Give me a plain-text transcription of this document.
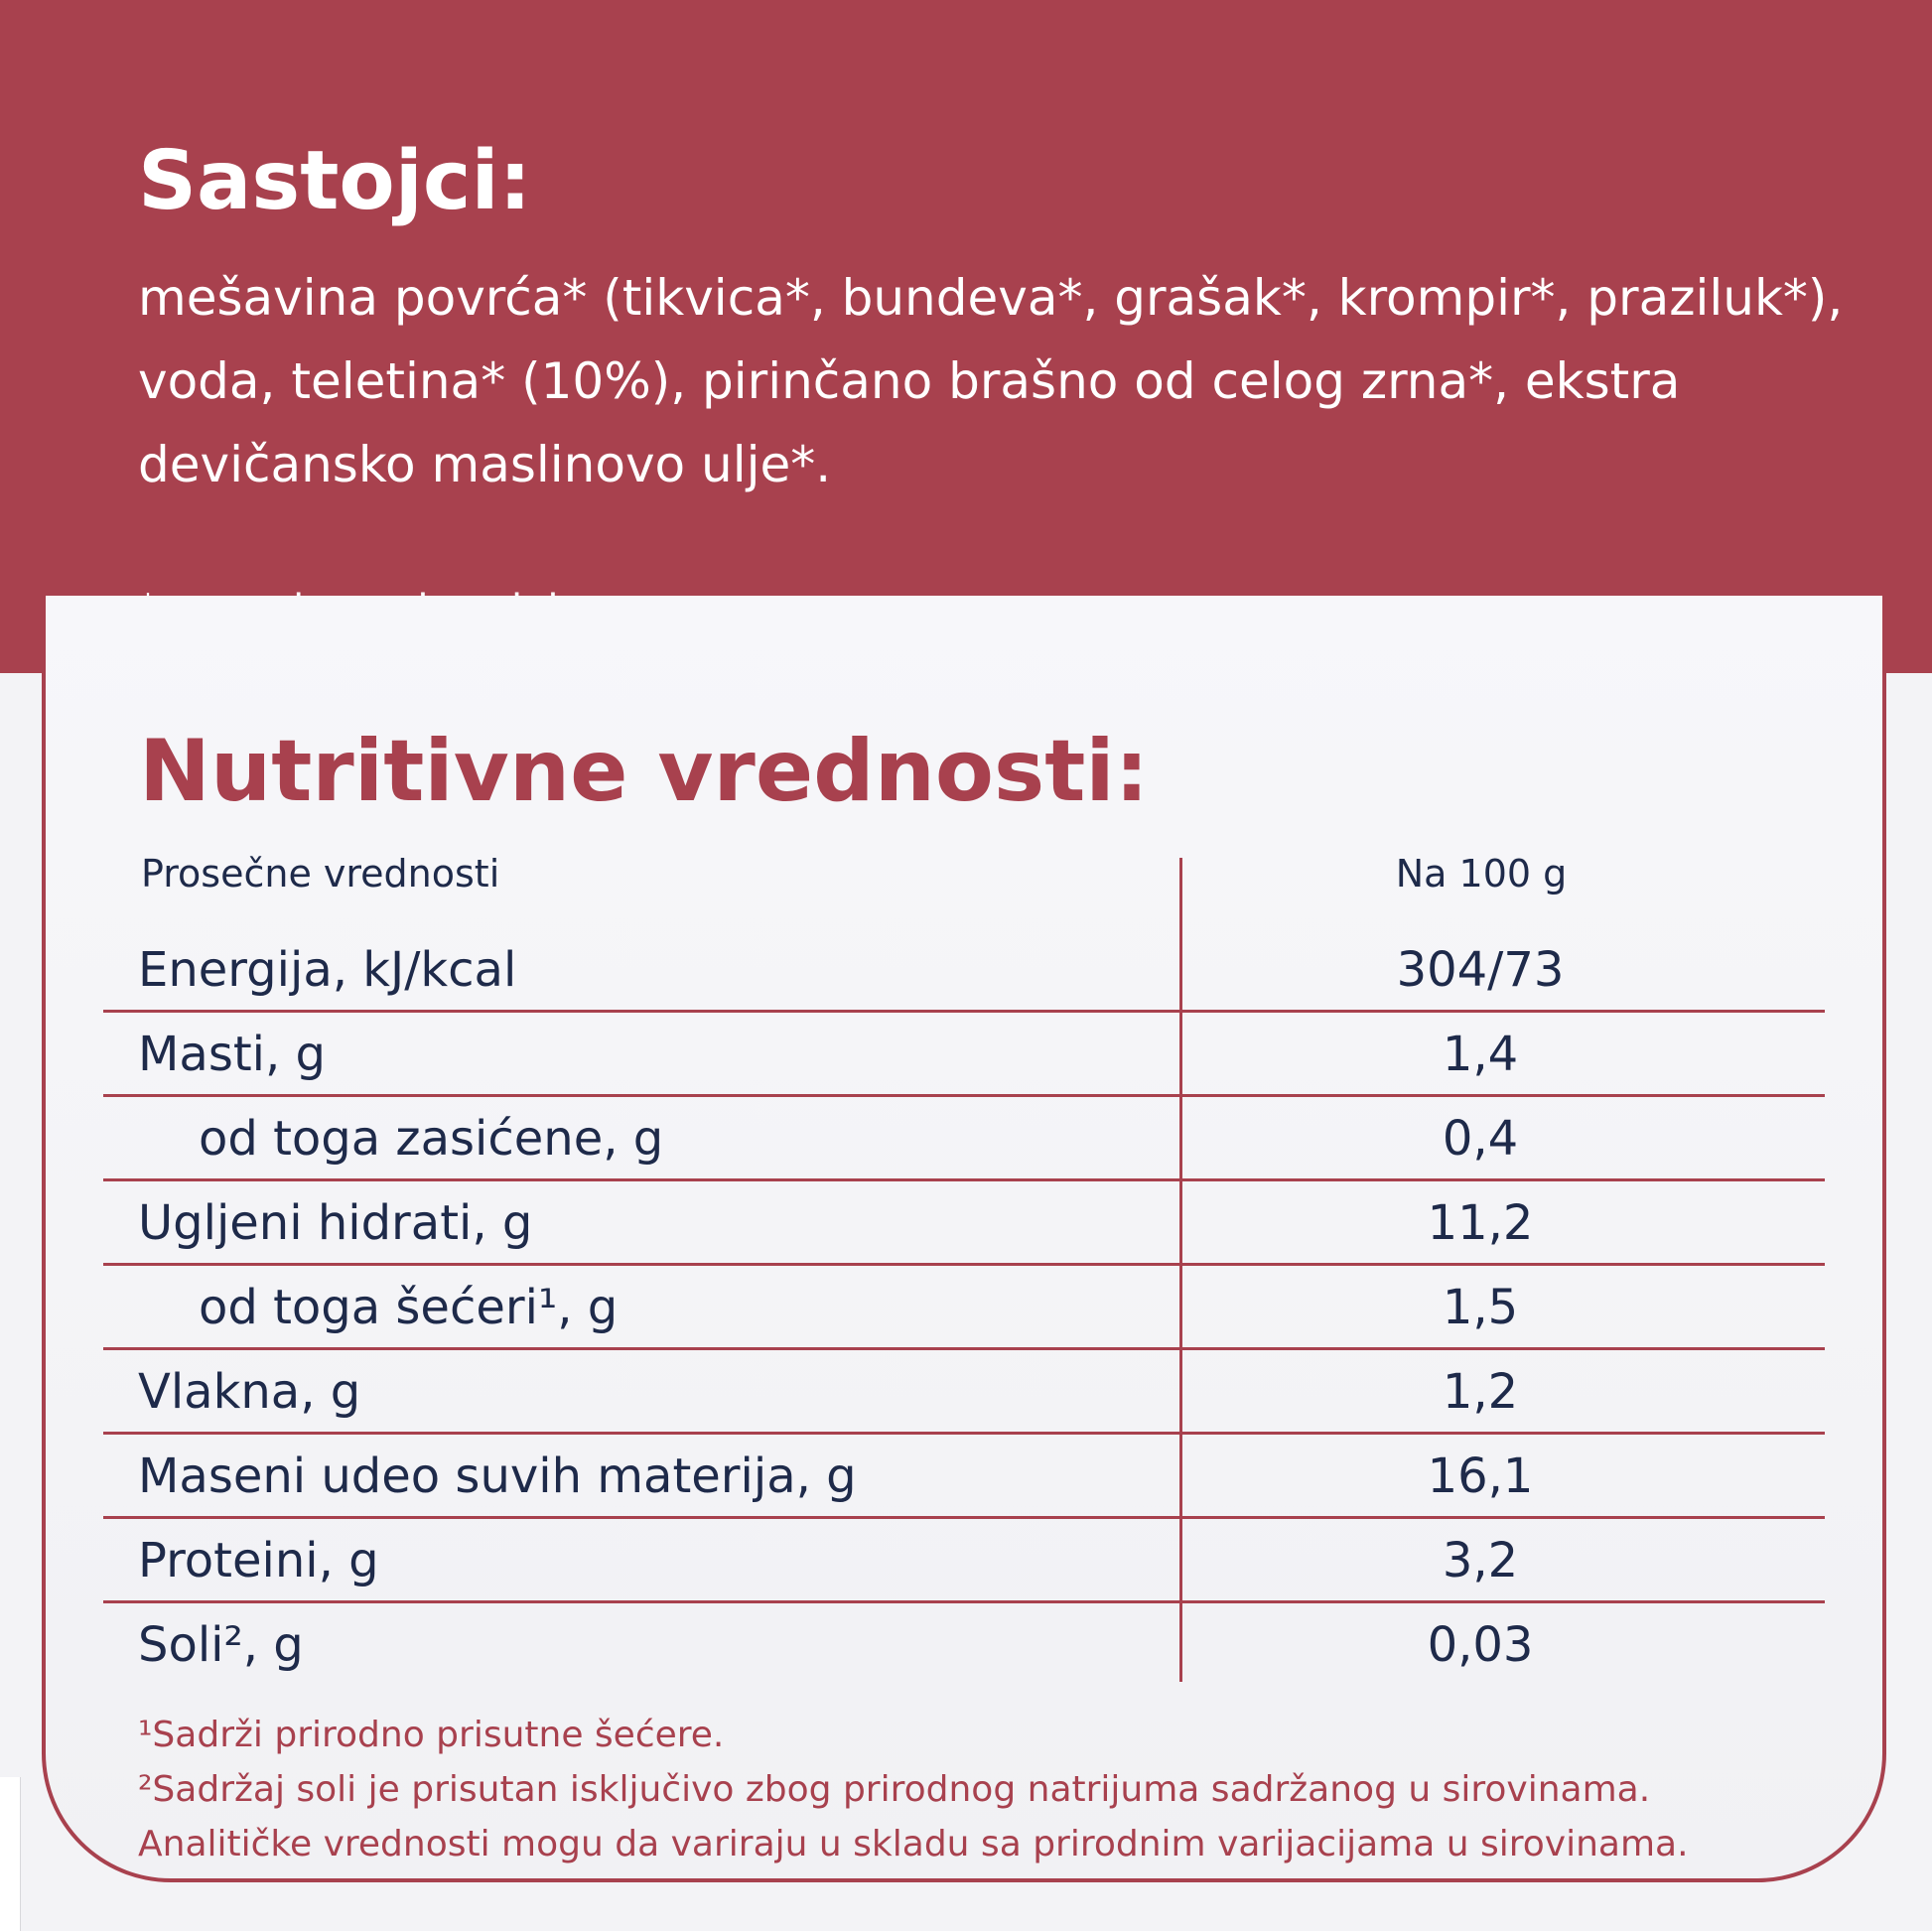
Sastojci:

mešavina povrća* (tikvica*, bundeva*, grašak*, krompir*, praziluk*), voda, teletina* (10%), pirinčano brašno od celog zrna*, ekstra devičansko maslinovo ulje*.

Nutritivne vrednosti:
Prosečne vrednosti	Na 100 g
Energija, kJ/kcal	304/73
Masti, g	1,4
od toga zasićene, g	0,4
Ugljeni hidrati, g	11,2
od toga šećeri¹, g	1,5
Vlakna, g	1,2
Maseni udeo suvih materija, g	16,1
Proteini, g	3,2
Soli², g	0,03

¹Sadrži prirodno prisutne šećere.

²Sadržaj soli je prisutan isključivo zbog prirodnog natrijuma sadržanog u sirovinama.

Analitičke vrednosti mogu da variraju u skladu sa prirodnim varijacijama u sirovinama.
